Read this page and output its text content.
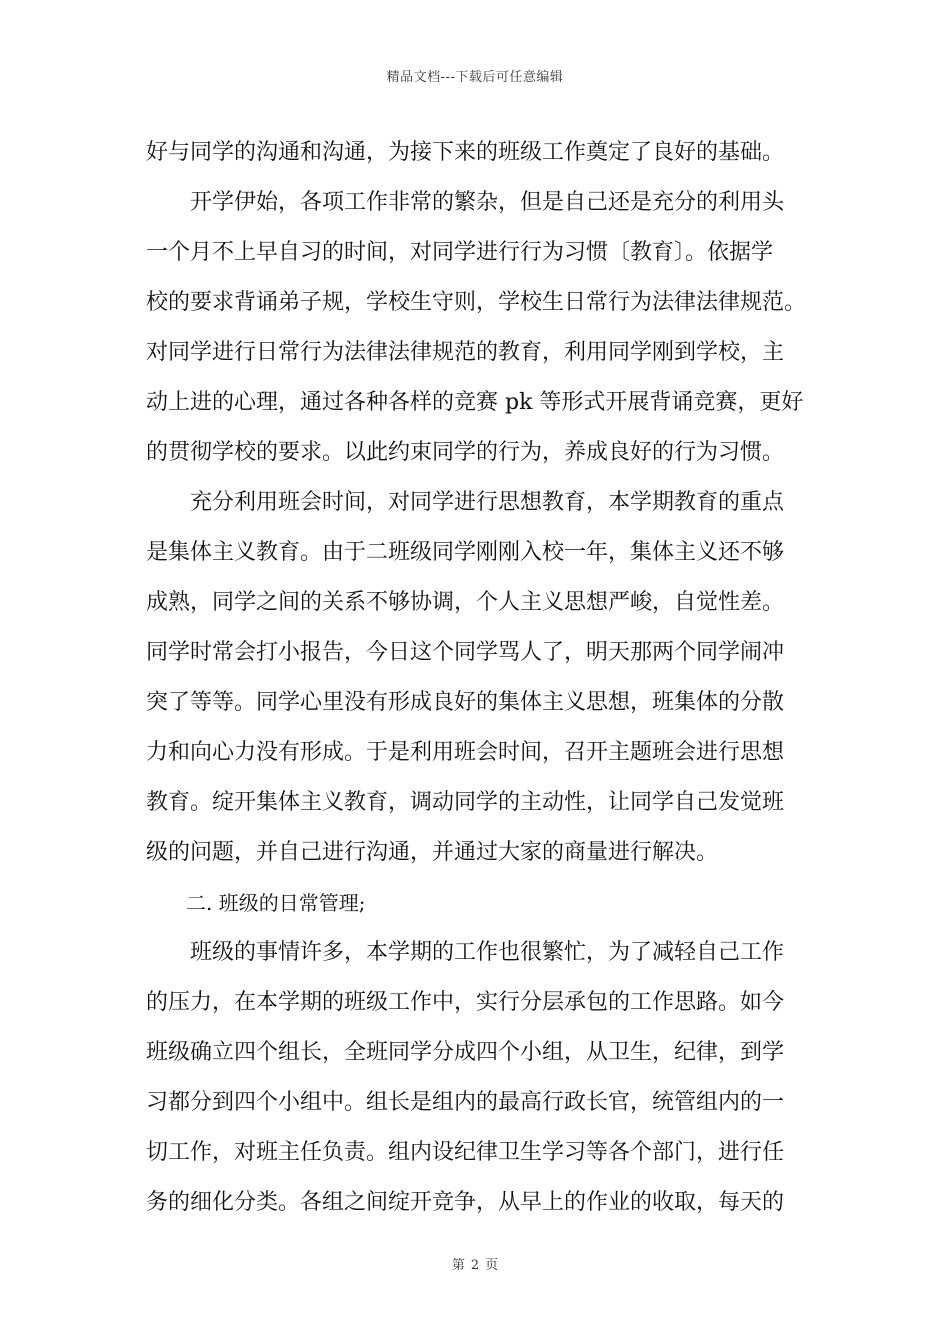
精品文档---下载后可任意编辑
好与同学的沟通和沟通，为接下来的班级工作奠定了良好的基础。
　　开学伊始，各项工作非常的繁杂，但是自己还是充分的利用头
一个月不上早自习的时间，对同学进行行为习惯〔教育〕。依据学
校的要求背诵弟子规，学校生守则，学校生日常行为法律法律规范。
对同学进行日常行为法律法律规范的教育，利用同学刚到学校，主
动上进的心理，通过各种各样的竞赛 pk 等形式开展背诵竞赛，更好
的贯彻学校的要求。以此约束同学的行为，养成良好的行为习惯。
　　充分利用班会时间，对同学进行思想教育，本学期教育的重点
是集体主义教育。由于二班级同学刚刚入校一年，集体主义还不够
成熟，同学之间的关系不够协调，个人主义思想严峻，自觉性差。
同学时常会打小报告，今日这个同学骂人了，明天那两个同学闹冲
突了等等。同学心里没有形成良好的集体主义思想，班集体的分散
力和向心力没有形成。于是利用班会时间，召开主题班会进行思想
教育。绽开集体主义教育，调动同学的主动性，让同学自己发觉班
级的问题，并自己进行沟通，并通过大家的商量进行解决。
　　二. 班级的日常管理;
　　班级的事情许多，本学期的工作也很繁忙，为了减轻自己工作
的压力，在本学期的班级工作中，实行分层承包的工作思路。如今
班级确立四个组长，全班同学分成四个小组，从卫生，纪律，到学
习都分到四个小组中。组长是组内的最高行政长官，统管组内的一
切工作，对班主任负责。组内设纪律卫生学习等各个部门，进行任
务的细化分类。各组之间绽开竞争，从早上的作业的收取，每天的
第 2 页
